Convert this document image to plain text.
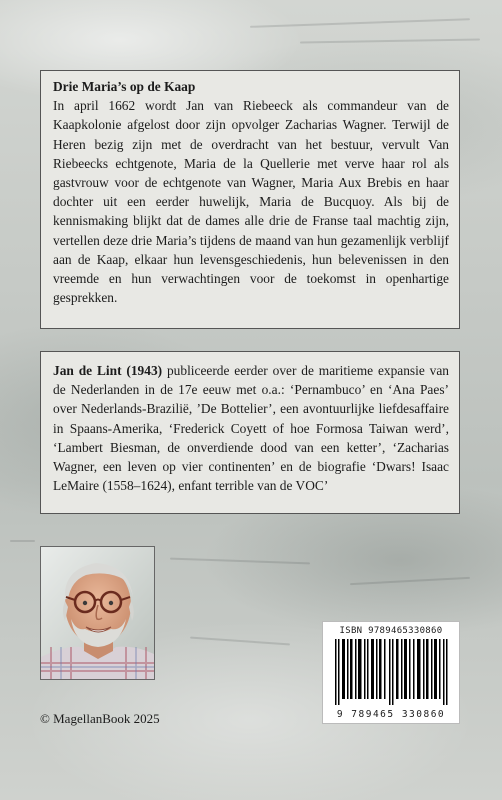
Drie Maria’s op de Kaap
In april 1662 wordt Jan van Riebeeck als commandeur van de Kaapkolonie afgelost door zijn opvolger Zacharias Wagner. Terwijl de Heren bezig zijn met de overdracht van het bestuur, vervult Van Riebeecks echtgenote, Maria de la Quellerie met verve haar rol als gastvrouw voor de echtgenote van Wagner, Maria Aux Brebis en haar dochter uit een eerder huwelijk, Maria de Bucquoy. Als bij de kennismaking blijkt dat de dames alle drie de Franse taal machtig zijn, vertellen deze drie Maria’s tijdens de maand van hun gezamenlijk verblijf aan de Kaap, elkaar hun levensgeschiedenis, hun belevenissen in den vreemde en hun verwachtingen voor de toekomst in openhartige gesprekken.
Jan de Lint (1943) publiceerde eerder over de maritieme expansie van de Nederlanden in de 17e eeuw met o.a.: ‘Pernambuco’ en ‘Ana Paes’ over Nederlands-Brazilië, ’De Bottelier’, een avontuurlijke liefdesaffaire in Spaans-Amerika, ‘Frederick Coyett of hoe Formosa Taiwan werd’, ‘Lambert Biesman, de onverdiende dood van een ketter’, ‘Zacharias Wagner, een leven op vier continenten’ en de biografie ‘Dwars! Isaac LeMaire (1558–1624), enfant terrible van de VOC’
ISBN 9789465330860
9 789465 330860
© MagellanBook 2025
